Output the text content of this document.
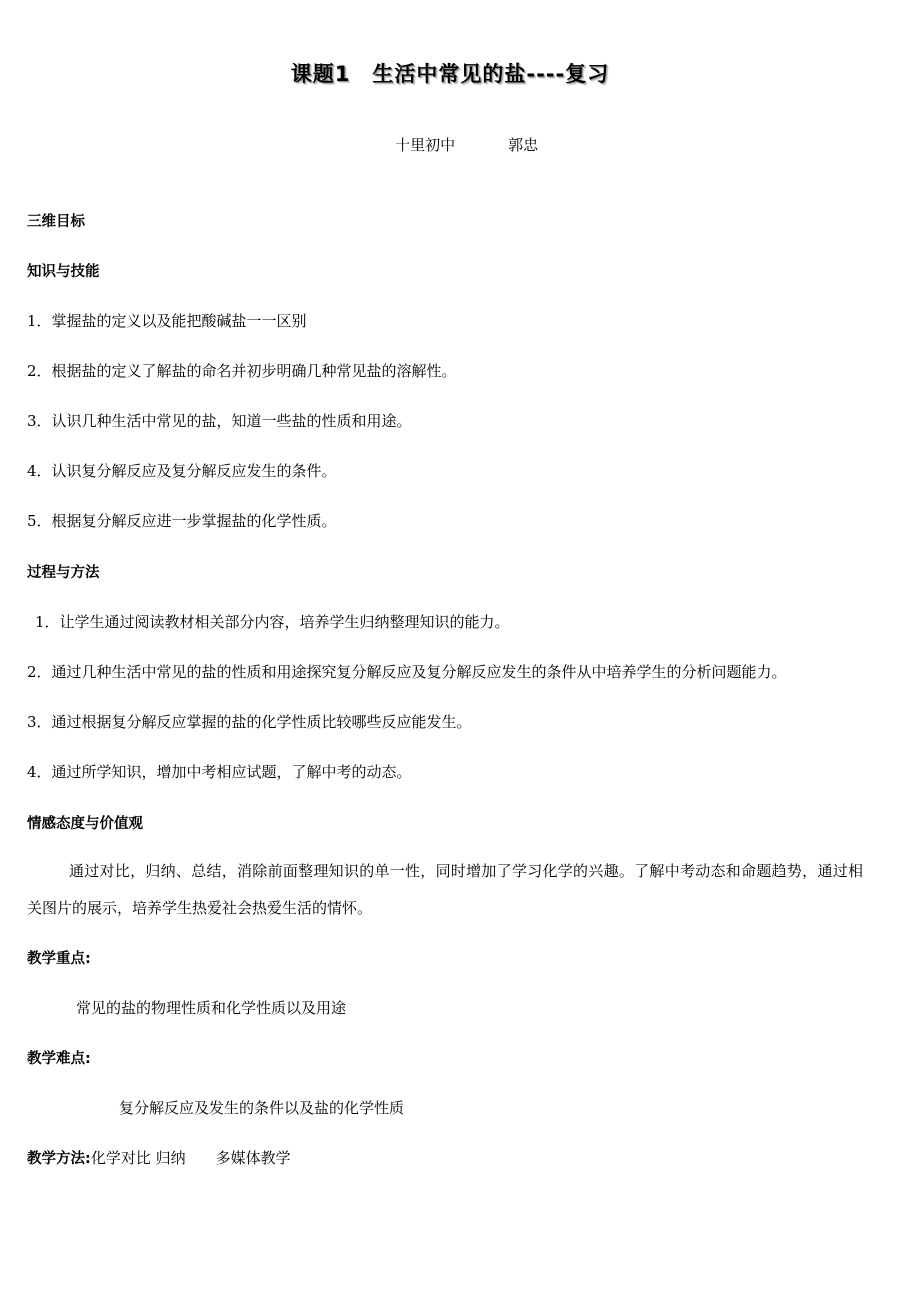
课题1　生活中常见的盐----复习

十里初中	郭忠

三维目标
知识与技能
1．掌握盐的定义以及能把酸碱盐一一区别
2．根据盐的定义了解盐的命名并初步明确几种常见盐的溶解性。
3．认识几种生活中常见的盐，知道一些盐的性质和用途。
4．认识复分解反应及复分解反应发生的条件。
5．根据复分解反应进一步掌握盐的化学性质。
过程与方法
1．让学生通过阅读教材相关部分内容，培养学生归纳整理知识的能力。
2．通过几种生活中常见的盐的性质和用途探究复分解反应及复分解反应发生的条件从中培养学生的分析问题能力。
3．通过根据复分解反应掌握的盐的化学性质比较哪些反应能发生。
4．通过所学知识，增加中考相应试题，了解中考的动态。
情感态度与价值观
通过对比，归纳、总结，消除前面整理知识的单一性，同时增加了学习化学的兴趣。了解中考动态和命题趋势，通过相关图片的展示，培养学生热爱社会热爱生活的情怀。
教学重点:
常见的盐的物理性质和化学性质以及用途
教学难点:
复分解反应及发生的条件以及盐的化学性质
教学方法:化学对比 归纳　　多媒体教学
